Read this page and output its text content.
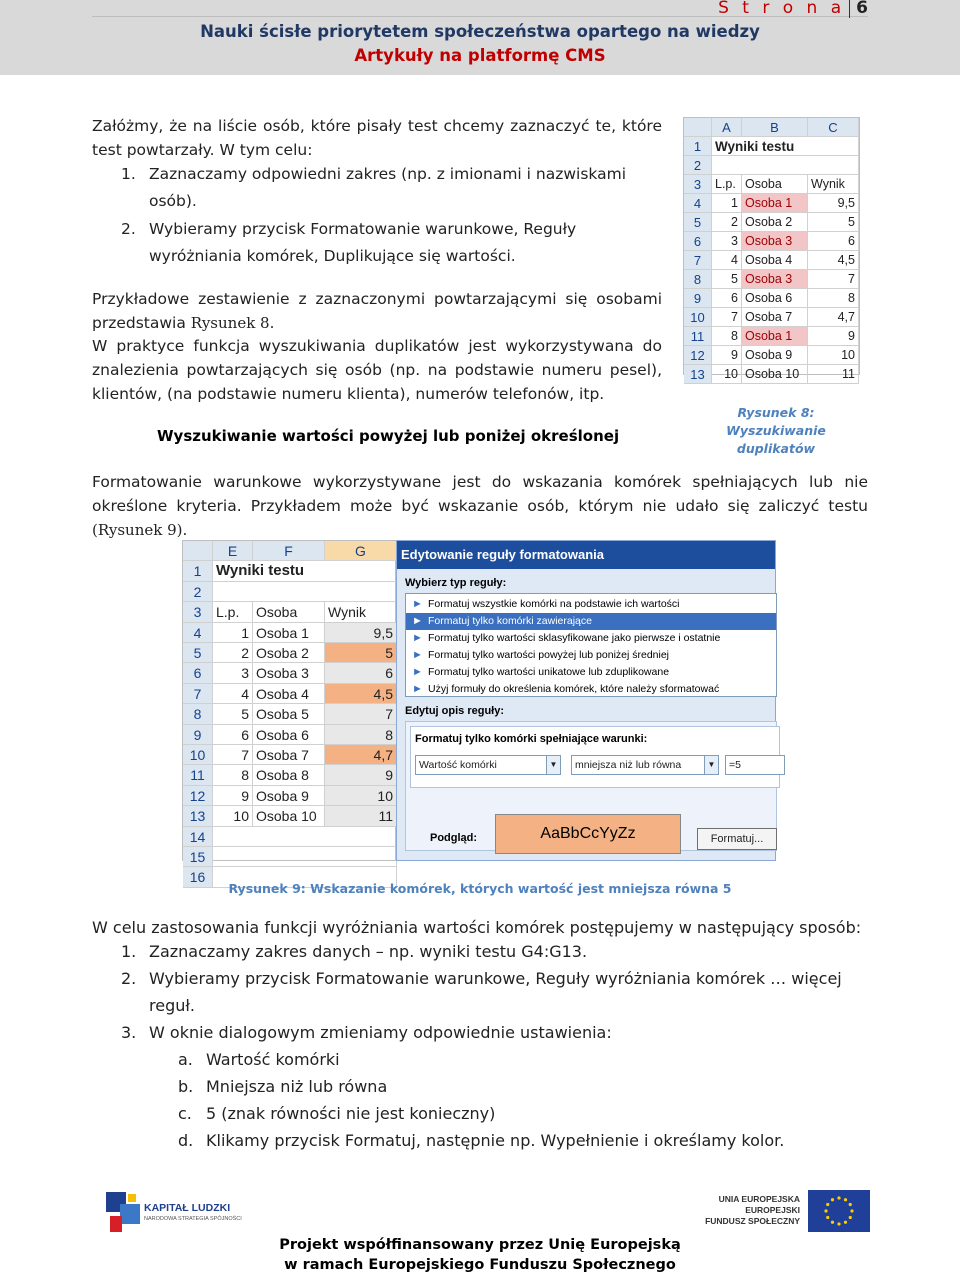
S t r o n a 6
Nauki ścisłe priorytetem społeczeństwa opartego na wiedzy
Artykuły na platformę CMS
Załóżmy, że na liście osób, które pisały test chcemy zaznaczyć te, które test powtarzały. W tym celu:
1. Zaznaczamy odpowiedni zakres (np. z imionami i nazwiskami
osób).
2. Wybieramy przycisk Formatowanie warunkowe, Reguły
wyróżniania komórek, Duplikujące się wartości.
Przykładowe zestawienie z zaznaczonymi powtarzającymi się osobami przedstawia Rysunek 8.
W praktyce funkcja wyszukiwania duplikatów jest wykorzystywana do znalezienia powtarzających się osób (np. na podstawie numeru pesel), klientów, (na podstawie numeru klienta), numerów telefonów, itp.
Wyszukiwanie wartości powyżej lub poniżej określonej
A	B	C
1	Wyniki testu
2
3	L.p. Osoba	Wynik
4	1 Osoba 1	9,5
5	2 Osoba 2	5
6	3 Osoba 3	6
7	4 Osoba 4	4,5
8	5 Osoba 3	7
9	6 Osoba 6	8
10	7 Osoba 7	4,7
11	8 Osoba 1	9
12	9 Osoba 9	10
13	10 Osoba 10	11
Rysunek 8: Wyszukiwanie duplikatów
Formatowanie warunkowe wykorzystywane jest do wskazania komórek spełniających lub nie określone kryteria. Przykładem może być wskazanie osób, którym nie udało się zaliczyć testu (Rysunek 9).
E	F	G
1 Wyniki testu
2
3	L.p.	Osoba	Wynik
4	1 Osoba 1	9,5
5	2 Osoba 2	5
6	3 Osoba 3	6
7	4 Osoba 4	4,5
8	5 Osoba 5	7
9	6 Osoba 6	8
10	7 Osoba 7	4,7
11	8 Osoba 8	9
12	9 Osoba 9	10
13	10 Osoba 10	11
14
15
16
Edytowanie reguły formatowania
Wybierz typ reguły:
► Formatuj wszystkie komórki na podstawie ich wartości
► Formatuj tylko komórki zawierające
► Formatuj tylko wartości sklasyfikowane jako pierwsze i ostatnie
► Formatuj tylko wartości powyżej lub poniżej średniej
► Formatuj tylko wartości unikatowe lub zduplikowane
► Użyj formuły do określenia komórek, które należy sformatować
Edytuj opis reguły:
Formatuj tylko komórki spełniające warunki:
Wartość komórki	▼	mniejsza niż lub równa	▼	=5
Podgląd:	AaBbCcYyZz	Formatuj...
Rysunek 9: Wskazanie komórek, których wartość jest mniejsza równa 5
W celu zastosowania funkcji wyróżniania wartości komórek postępujemy w następujący sposób:
1. Zaznaczamy zakres danych – np. wyniki testu G4:G13.
2. Wybieramy przycisk Formatowanie warunkowe, Reguły wyróżniania komórek … więcej
reguł.
3. W oknie dialogowym zmieniamy odpowiednie ustawienia:
a. Wartość komórki
b. Mniejsza niż lub równa
c. 5 (znak równości nie jest konieczny)
d. Klikamy przycisk Formatuj, następnie np. Wypełnienie i określamy kolor.
KAPITAŁ LUDZKI
NARODOWA STRATEGIA SPÓJNOŚCI
UNIA EUROPEJSKA
EUROPEJSKI
FUNDUSZ SPOŁECZNY
Projekt współfinansowany przez Unię Europejską
w ramach Europejskiego Funduszu Społecznego
